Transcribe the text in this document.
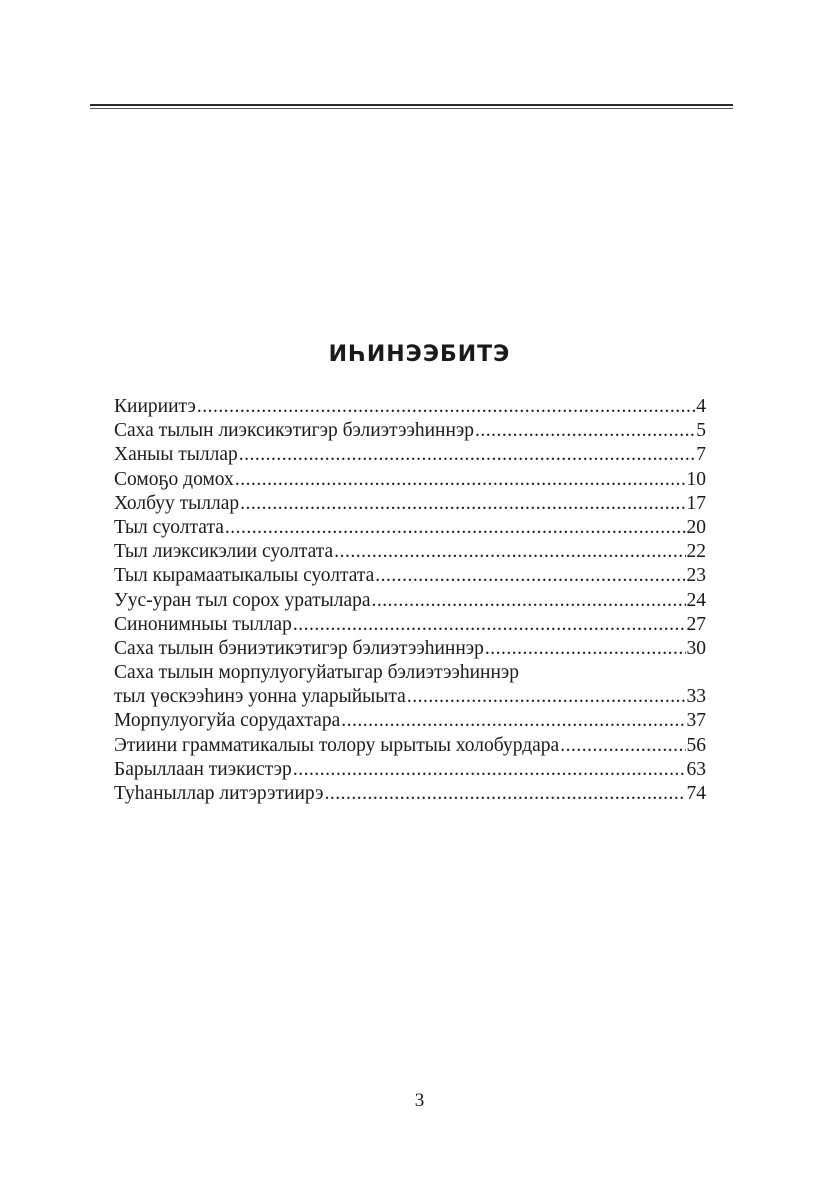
ИҺИНЭЭБИТЭ
Киириитэ .....	4
Саха тылын лиэксикэтигэр бэлиэтээһиннэр .....	5
Ханыы тыллар .....	7
Сомоҕо домох .....	10
Холбуу тыллар .....	17
Тыл суолтата .....	20
Тыл лиэксикэлии суолтата .....	22
Тыл кырамаатыкалыы суолтата .....	23
Уус-уран тыл сорох уратылара .....	24
Синонимныы тыллар .....	27
Саха тылын бэниэтикэтигэр бэлиэтээһиннэр .....	30
Саха тылын морпулуогуйатыгар бэлиэтээһиннэр
тыл үөскээһинэ уонна уларыйыыта .....	33
Морпулуогуйа сорудахтара .....	37
Этиини грамматикалыы толору ырытыы холобурдара .....	56
Барыллаан тиэкистэр .....	63
Туһаныллар литэрэтиирэ .....	74
3
